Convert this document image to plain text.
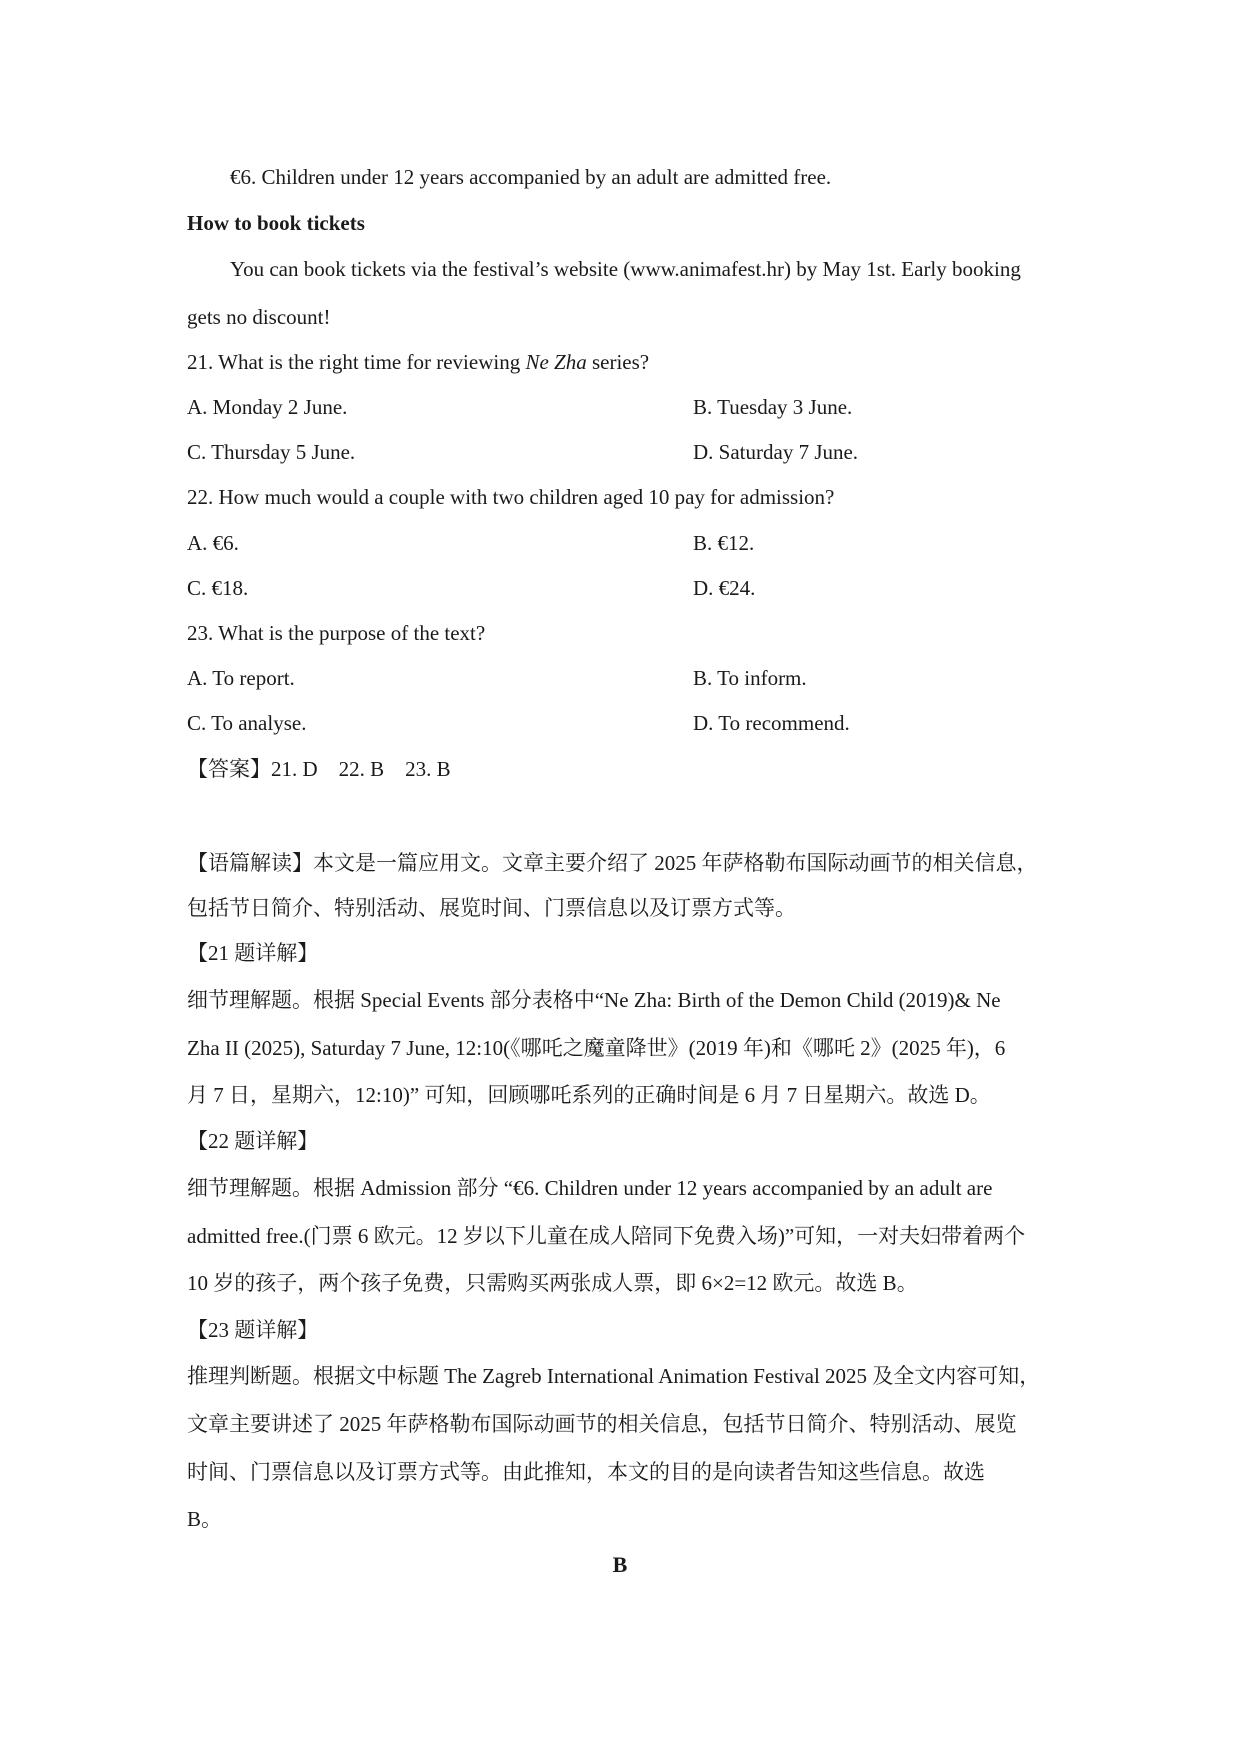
€6. Children under 12 years accompanied by an adult are admitted free.
How to book tickets
You can book tickets via the festival’s website (www.animafest.hr) by May 1st. Early booking
gets no discount!
21. What is the right time for reviewing Ne Zha series?
A. Monday 2 June.	B. Tuesday 3 June.
C. Thursday 5 June.	D. Saturday 7 June.
22. How much would a couple with two children aged 10 pay for admission?
A. €6.	B. €12.
C. €18.	D. €24.
23. What is the purpose of the text?
A. To report.	B. To inform.
C. To analyse.	D. To recommend.
【答案】21. D    22. B    23. B
【语篇解读】本文是一篇应用文。文章主要介绍了 2025 年萨格勒布国际动画节的相关信息，
包括节日简介、特别活动、展览时间、门票信息以及订票方式等。
【21 题详解】
细节理解题。根据 Special Events 部分表格中“Ne Zha: Birth of the Demon Child (2019)& Ne
Zha II (2025), Saturday 7 June, 12:10(《哪吒之魔童降世》(2019 年)和《哪吒 2》(2025 年)，6
月 7 日，星期六，12:10)” 可知，回顾哪吒系列的正确时间是 6 月 7 日星期六。故选 D。
【22 题详解】
细节理解题。根据 Admission 部分 “€6. Children under 12 years accompanied by an adult are
admitted free.(门票 6 欧元。12 岁以下儿童在成人陪同下免费入场)”可知，一对夫妇带着两个
10 岁的孩子，两个孩子免费，只需购买两张成人票，即 6×2=12 欧元。故选 B。
【23 题详解】
推理判断题。根据文中标题 The Zagreb International Animation Festival 2025 及全文内容可知，
文章主要讲述了 2025 年萨格勒布国际动画节的相关信息，包括节日简介、特别活动、展览
时间、门票信息以及订票方式等。由此推知，本文的目的是向读者告知这些信息。故选
B。
B
